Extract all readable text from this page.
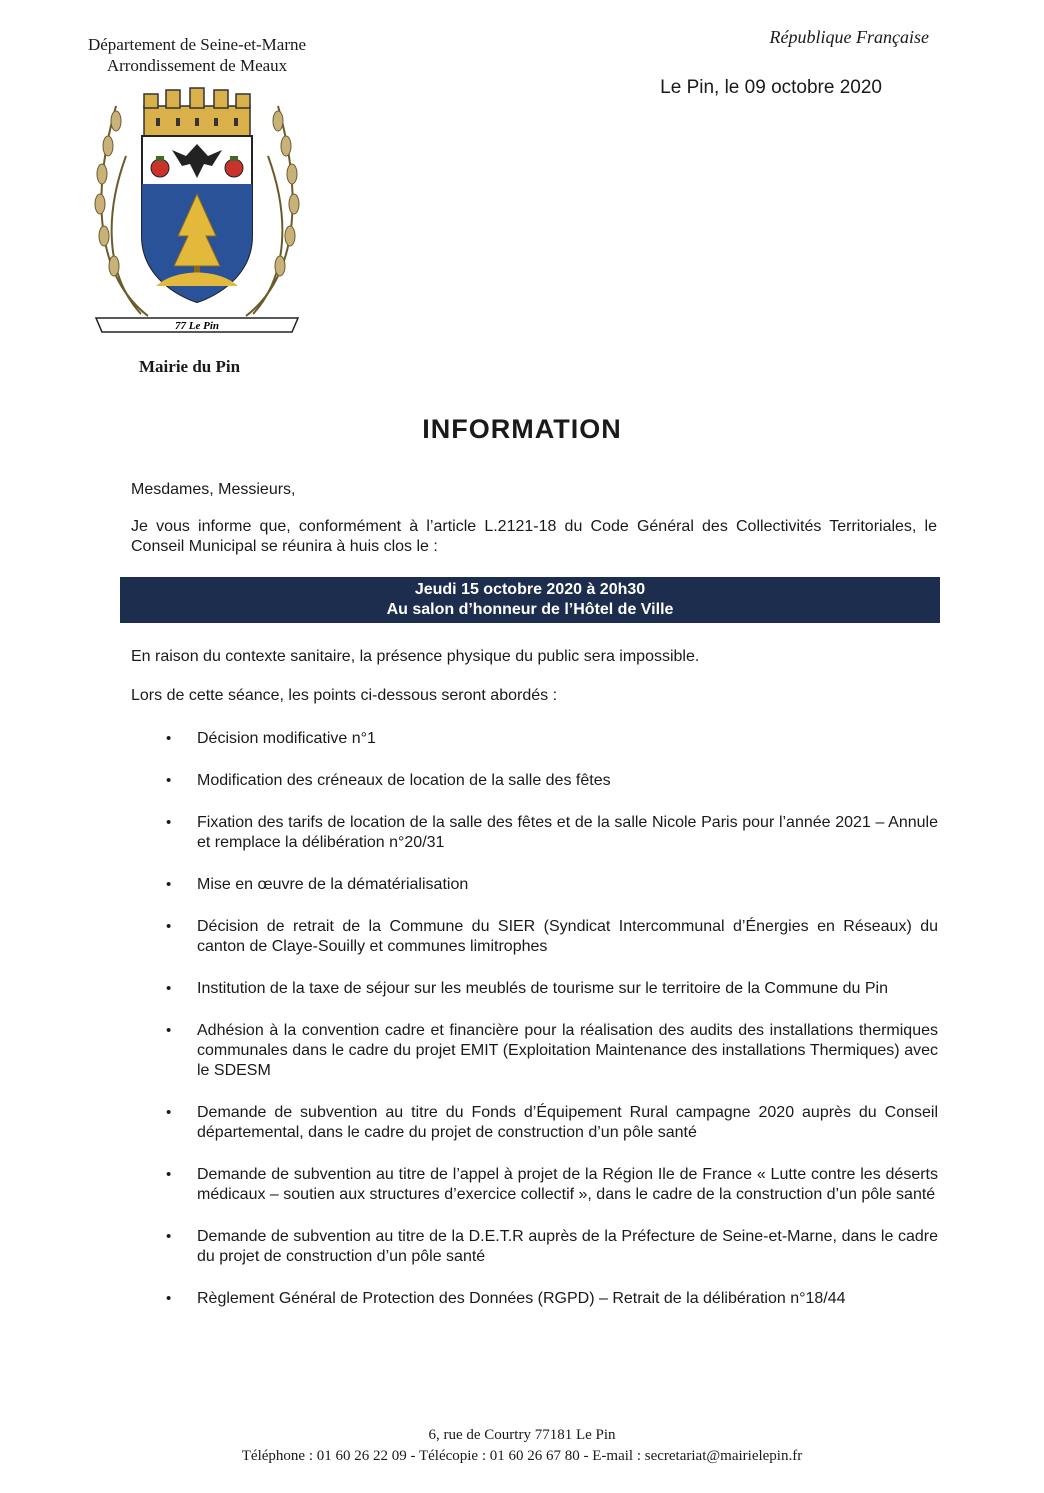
Département de Seine-et-Marne
Arrondissement de Meaux
République Française
Le Pin, le 09 octobre 2020
77 Le Pin
Mairie du Pin
INFORMATION
Mesdames, Messieurs,
Je vous informe que, conformément à l’article L.2121-18 du Code Général des Collectivités Territoriales, le Conseil Municipal se réunira à huis clos le :
Jeudi 15 octobre 2020 à 20h30
Au salon d’honneur de l’Hôtel de Ville
En raison du contexte sanitaire, la présence physique du public sera impossible.
Lors de cette séance, les points ci-dessous seront abordés :
• Décision modificative n°1
• Modification des créneaux de location de la salle des fêtes
• Fixation des tarifs de location de la salle des fêtes et de la salle Nicole Paris pour l’année 2021 – Annule et remplace la délibération n°20/31
• Mise en œuvre de la dématérialisation
• Décision de retrait de la Commune du SIER (Syndicat Intercommunal d’Énergies en Réseaux) du canton de Claye-Souilly et communes limitrophes
• Institution de la taxe de séjour sur les meublés de tourisme sur le territoire de la Commune du Pin
• Adhésion à la convention cadre et financière pour la réalisation des audits des installations thermiques communales dans le cadre du projet EMIT (Exploitation Maintenance des installations Thermiques) avec le SDESM
• Demande de subvention au titre du Fonds d’Équipement Rural campagne 2020 auprès du Conseil départemental, dans le cadre du projet de construction d’un pôle santé
• Demande de subvention au titre de l’appel à projet de la Région Ile de France « Lutte contre les déserts médicaux – soutien aux structures d’exercice collectif », dans le cadre de la construction d’un pôle santé
• Demande de subvention au titre de la D.E.T.R auprès de la Préfecture de Seine-et-Marne, dans le cadre du projet de construction d’un pôle santé
• Règlement Général de Protection des Données (RGPD) – Retrait de la délibération n°18/44
6, rue de Courtry 77181 Le Pin
Téléphone : 01 60 26 22 09 - Télécopie : 01 60 26 67 80 - E-mail : secretariat@mairielepin.fr
